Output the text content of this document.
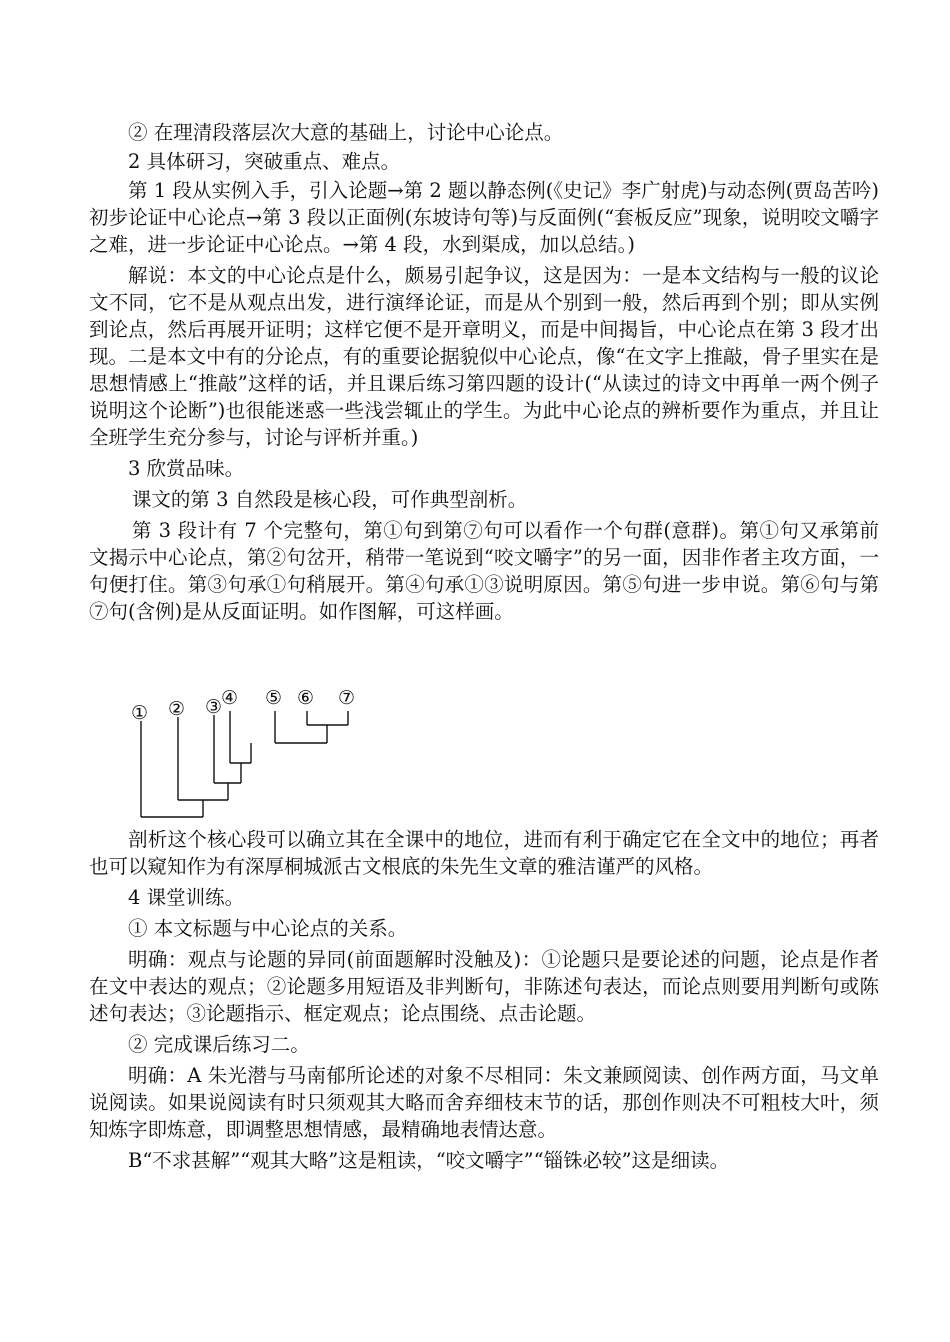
② 在理清段落层次大意的基础上，讨论中心论点。

2 具体研习，突破重点、难点。

第 1 段从实例入手，引入论题→第 2 题以静态例(《史记》李广射虎)与动态例(贾岛苦吟)初步论证中心论点→第 3 段以正面例(东坡诗句等)与反面例(“套板反应”现象，说明咬文嚼字之难，进一步论证中心论点。→第 4 段，水到渠成，加以总结。)

解说：本文的中心论点是什么，颇易引起争议，这是因为：一是本文结构与一般的议论文不同，它不是从观点出发，进行演绎论证，而是从个别到一般，然后再到个别；即从实例到论点，然后再展开证明；这样它便不是开章明义，而是中间揭旨，中心论点在第 3 段才出现。二是本文中有的分论点，有的重要论据貌似中心论点，像“在文字上推敲，骨子里实在是思想情感上“推敲”这样的话，并且课后练习第四题的设计(“从读过的诗文中再单一两个例子说明这个论断”)也很能迷惑一些浅尝辄止的学生。为此中心论点的辨析要作为重点，并且让全班学生充分参与，讨论与评析并重。)

3 欣赏品味。

课文的第 3 自然段是核心段，可作典型剖析。

第 3 段计有 7 个完整句，第①句到第⑦句可以看作一个句群(意群)。第①句又承第前文揭示中心论点，第②句岔开，稍带一笔说到“咬文嚼字”的另一面，因非作者主攻方面，一句便打住。第③句承①句稍展开。第④句承①③说明原因。第⑤句进一步申说。第⑥句与第⑦句(含例)是从反面证明。如作图解，可这样画。

① ② ③
④ ⑤ ⑥ ⑦

剖析这个核心段可以确立其在全课中的地位，进而有利于确定它在全文中的地位；再者也可以窥知作为有深厚桐城派古文根底的朱先生文章的雅洁谨严的风格。

4 课堂训练。

① 本文标题与中心论点的关系。

明确：观点与论题的异同(前面题解时没触及)：①论题只是要论述的问题，论点是作者在文中表达的观点；②论题多用短语及非判断句，非陈述句表达，而论点则要用判断句或陈述句表达；③论题指示、框定观点；论点围绕、点击论题。

② 完成课后练习二。

明确：A 朱光潜与马南郁所论述的对象不尽相同：朱文兼顾阅读、创作两方面，马文单说阅读。如果说阅读有时只须观其大略而舍弃细枝末节的话，那创作则决不可粗枝大叶，须知炼字即炼意，即调整思想情感，最精确地表情达意。

B“不求甚解”“观其大略”这是粗读，“咬文嚼字”“锱铢必较”这是细读。
